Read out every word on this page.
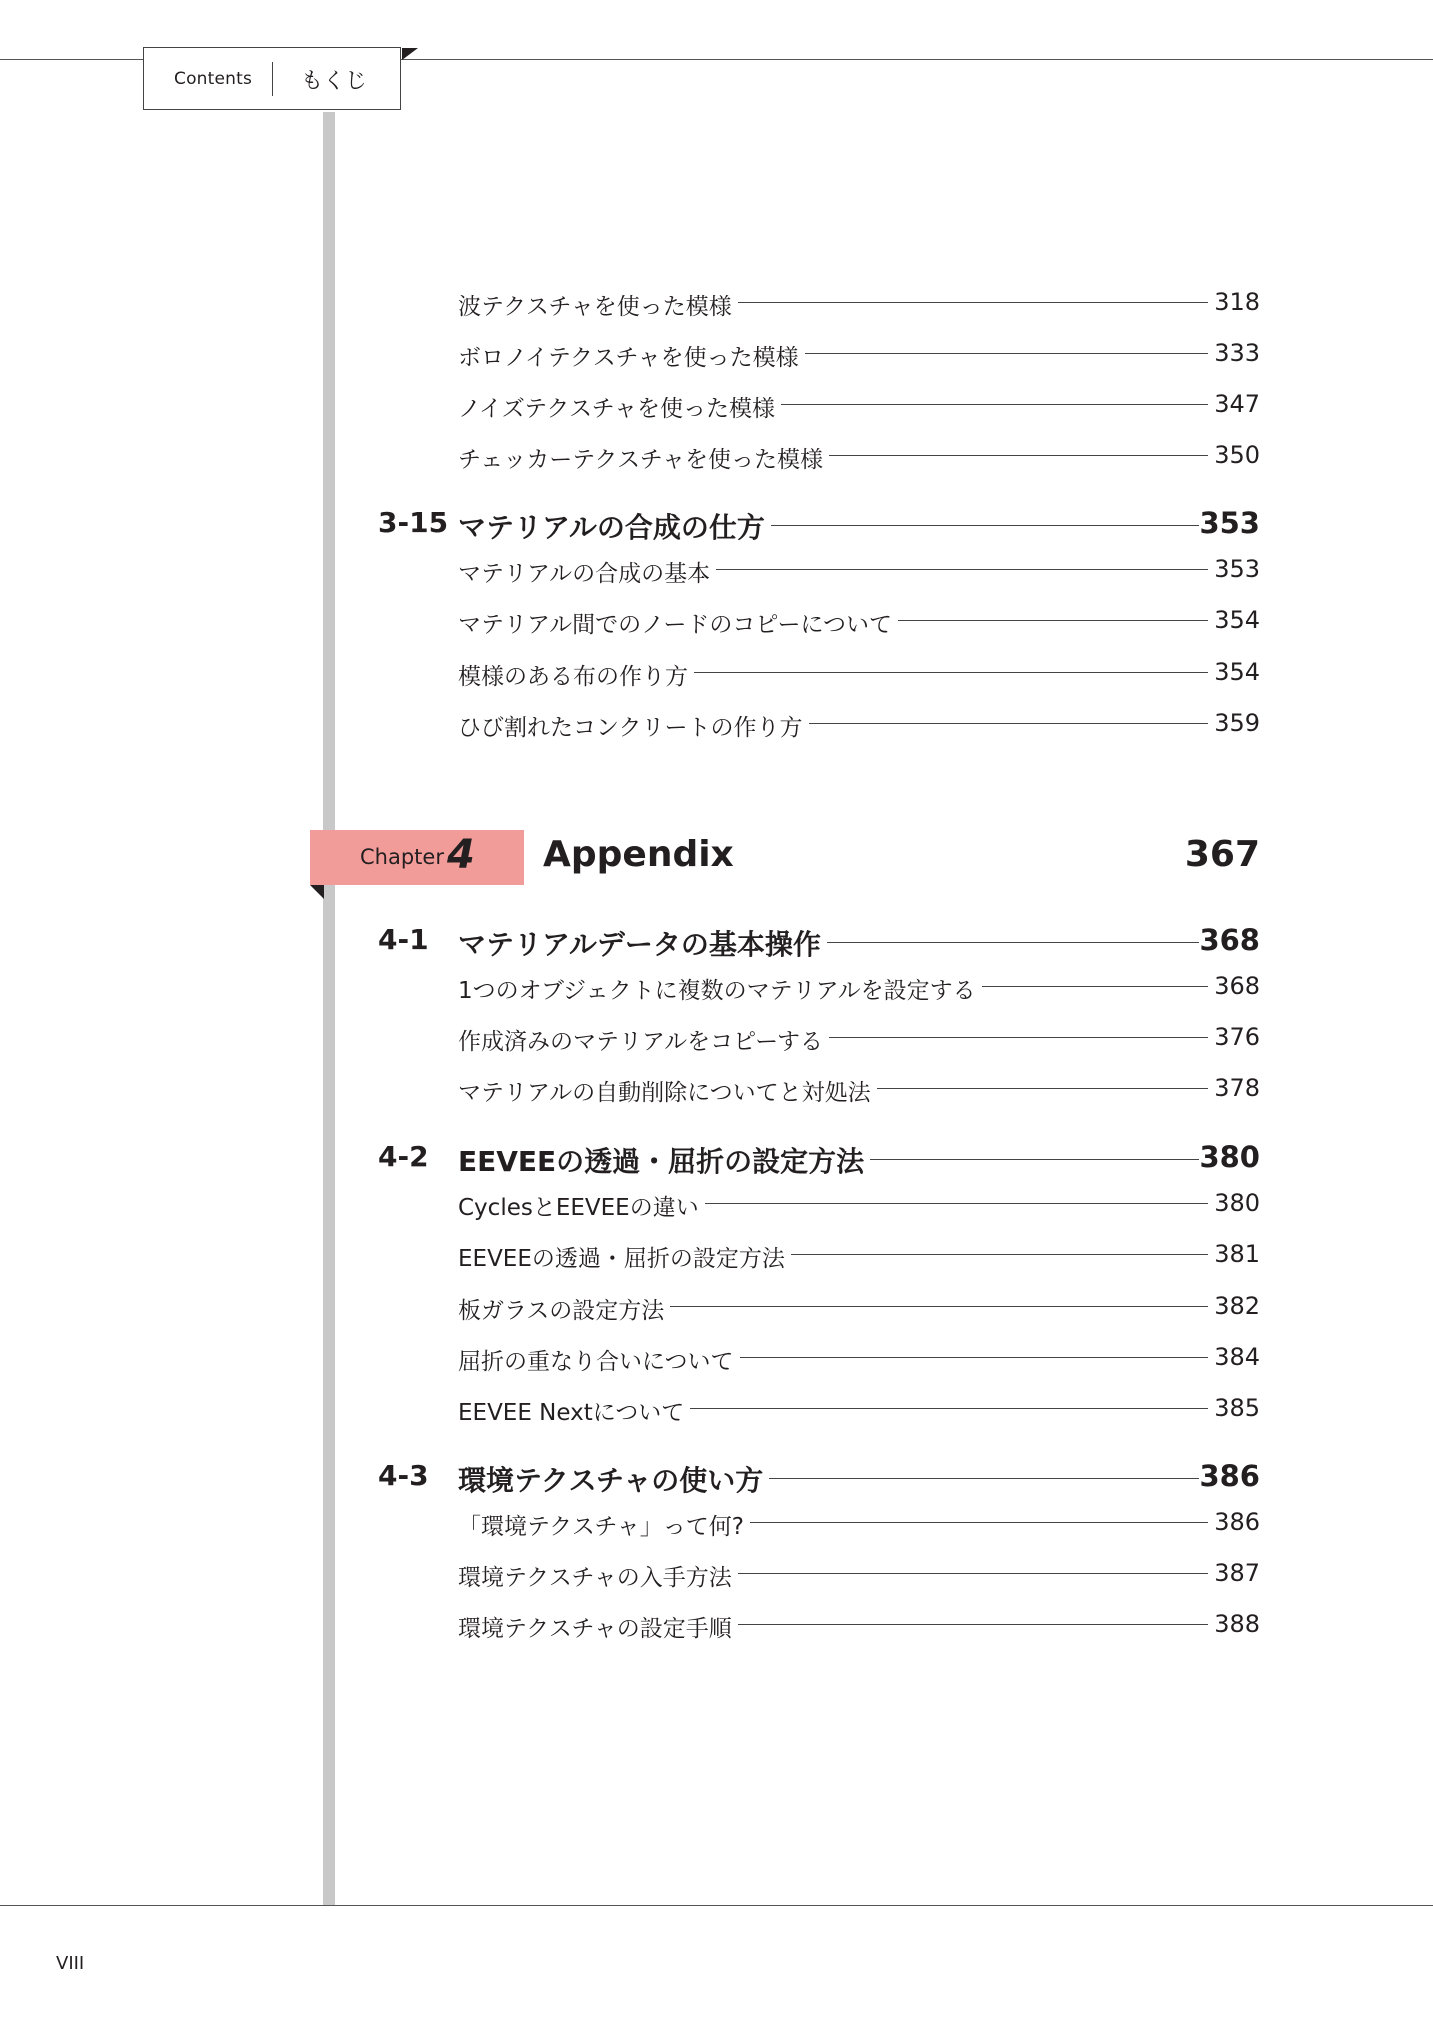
Contents もくじ
波テクスチャを使った模様	318
ボロノイテクスチャを使った模様	333
ノイズテクスチャを使った模様	347
チェッカーテクスチャを使った模様	350
3-15 マテリアルの合成の仕方	353
マテリアルの合成の基本	353
マテリアル間でのノードのコピーについて	354
模様のある布の作り方	354
ひび割れたコンクリートの作り方	359
Chapter 4 Appendix	367
4-1 マテリアルデータの基本操作	368
1つのオブジェクトに複数のマテリアルを設定する	368
作成済みのマテリアルをコピーする	376
マテリアルの自動削除についてと対処法	378
4-2 EEVEEの透過・屈折の設定方法	380
CyclesとEEVEEの違い	380
EEVEEの透過・屈折の設定方法	381
板ガラスの設定方法	382
屈折の重なり合いについて	384
EEVEE Nextについて	385
4-3 環境テクスチャの使い方	386
「環境テクスチャ」って何?	386
環境テクスチャの入手方法	387
環境テクスチャの設定手順	388
VIII
